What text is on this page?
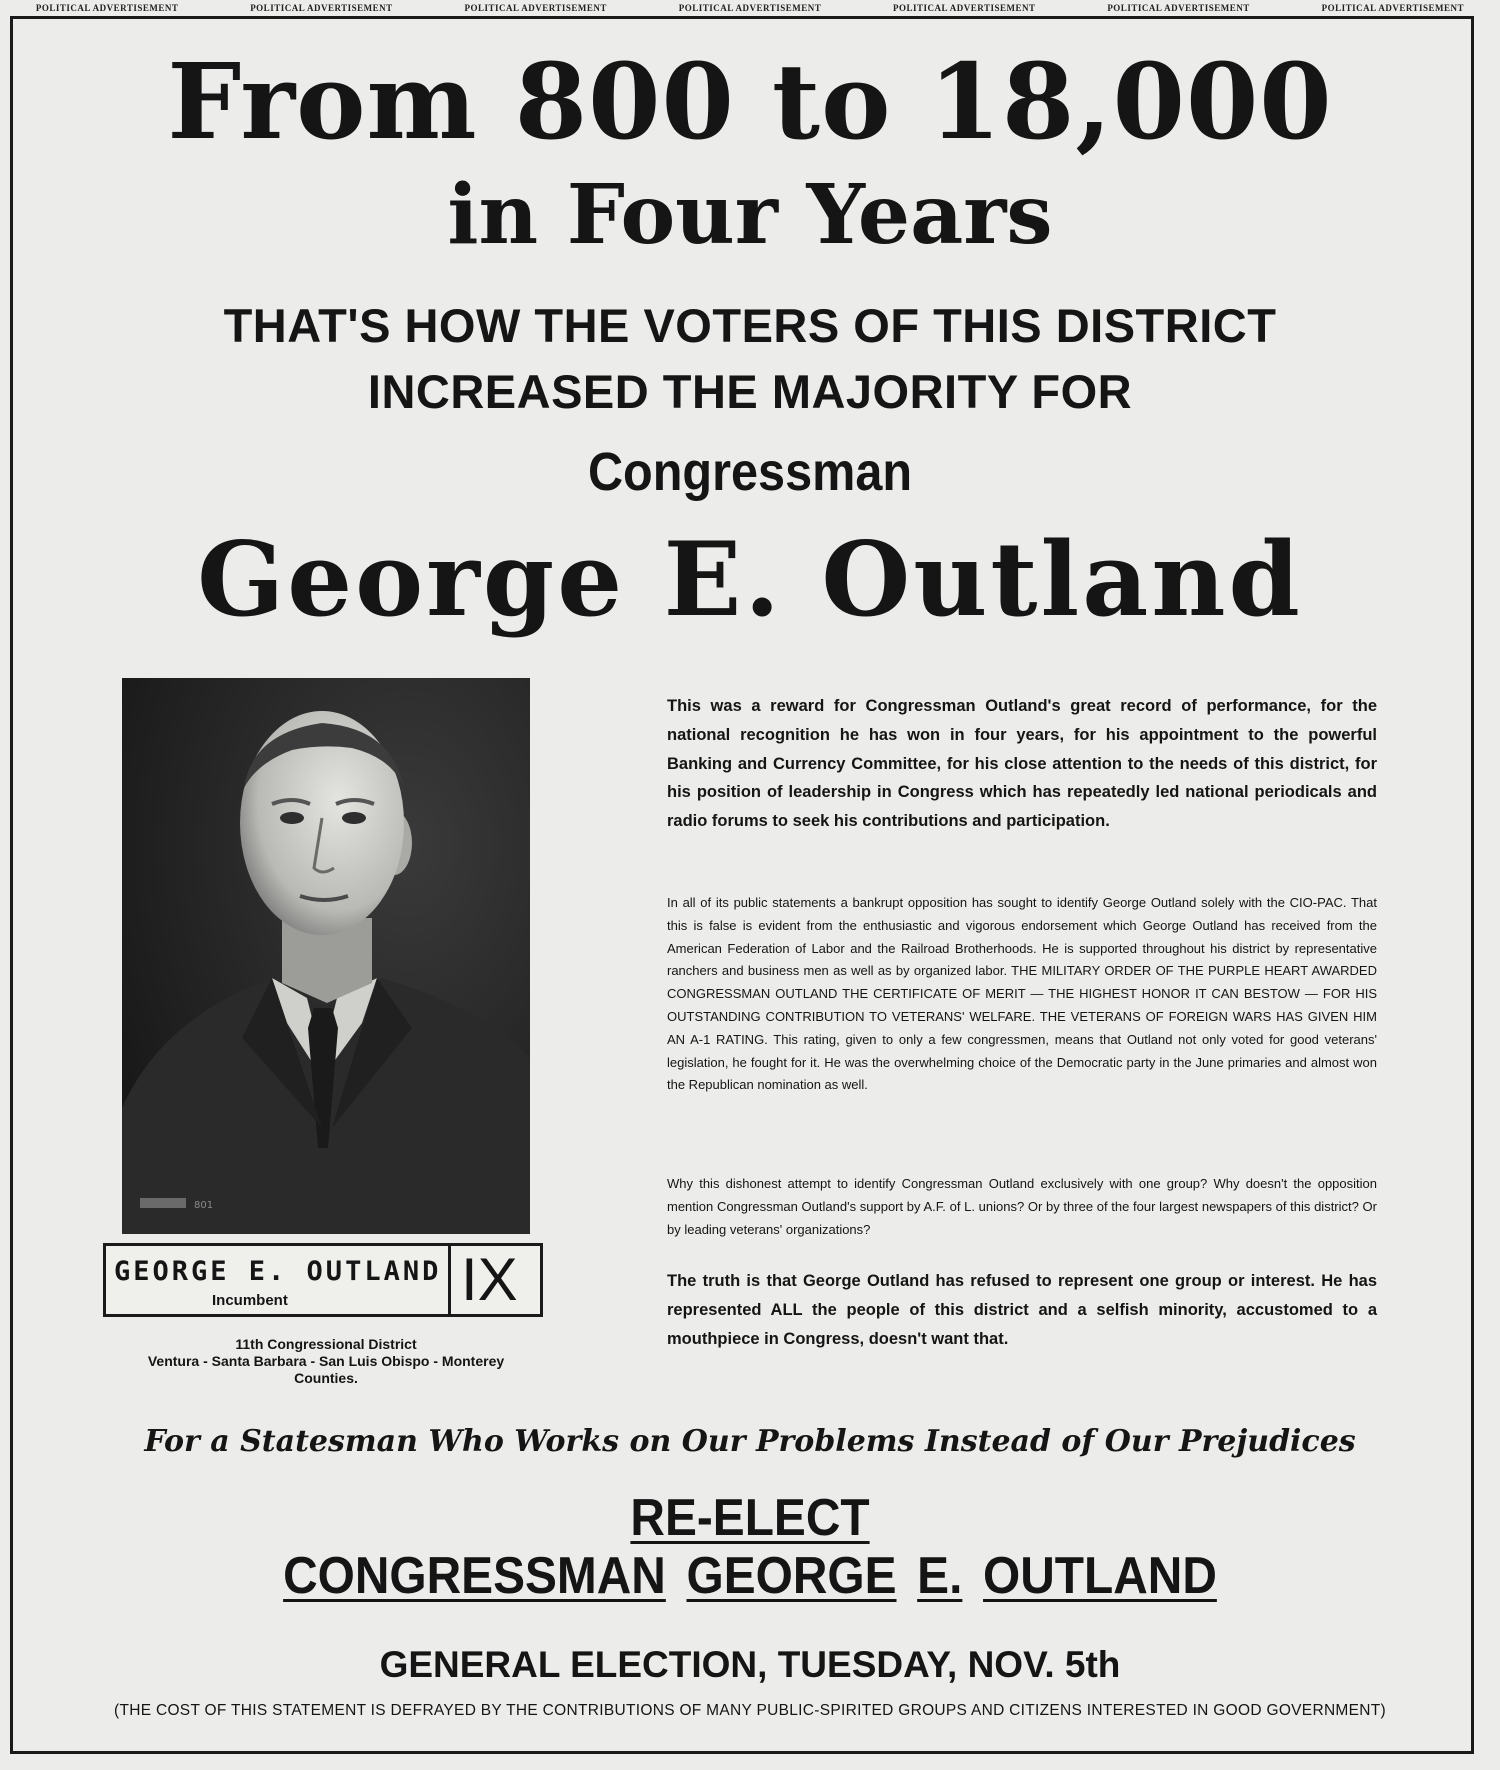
POLITICAL ADVERTISEMENT	POLITICAL ADVERTISEMENT	POLITICAL ADVERTISEMENT	POLITICAL ADVERTISEMENT	POLITICAL ADVERTISEMENT	POLITICAL ADVERTISEMENT	POLITICAL ADVERTISEMENT
From 800 to 18,000
in Four Years
THAT'S HOW THE VOTERS OF THIS DISTRICT
INCREASED THE MAJORITY FOR
Congressman
George E. Outland
801
GEORGE E. OUTLAND
Incumbent	IX
11th Congressional District
Ventura - Santa Barbara - San Luis Obispo - Monterey
Counties.

This was a reward for Congressman Outland's great record of performance, for the national recognition he has won in four years, for his appointment to the powerful Banking and Currency Committee, for his close attention to the needs of this district, for his position of leadership in Congress which has repeatedly led national periodicals and radio forums to seek his contributions and participation.

In all of its public statements a bankrupt opposition has sought to identify George Outland solely with the CIO-PAC. That this is false is evident from the enthusiastic and vigorous endorsement which George Outland has received from the American Federation of Labor and the Railroad Brotherhoods. He is supported throughout his district by representative ranchers and business men as well as by organized labor. THE MILITARY ORDER OF THE PURPLE HEART AWARDED CONGRESSMAN OUTLAND THE CERTIFICATE OF MERIT — THE HIGHEST HONOR IT CAN BESTOW — FOR HIS OUTSTANDING CONTRIBUTION TO VETERANS' WELFARE. THE VETERANS OF FOREIGN WARS HAS GIVEN HIM AN A-1 RATING. This rating, given to only a few congressmen, means that Outland not only voted for good veterans' legislation, he fought for it. He was the overwhelming choice of the Democratic party in the June primaries and almost won the Republican nomination as well.

Why this dishonest attempt to identify Congressman Outland exclusively with one group? Why doesn't the opposition mention Congressman Outland's support by A.F. of L. unions? Or by three of the four largest newspapers of this district? Or by leading veterans' organizations?

The truth is that George Outland has refused to represent one group or interest. He has represented ALL the people of this district and a selfish minority, accustomed to a mouthpiece in Congress, doesn't want that.

For a Statesman Who Works on Our Problems Instead of Our Prejudices
RE-ELECT
CONGRESSMAN GEORGE E. OUTLAND
GENERAL ELECTION, TUESDAY, NOV. 5th
(THE COST OF THIS STATEMENT IS DEFRAYED BY THE CONTRIBUTIONS OF MANY PUBLIC-SPIRITED GROUPS AND CITIZENS INTERESTED IN GOOD GOVERNMENT)
